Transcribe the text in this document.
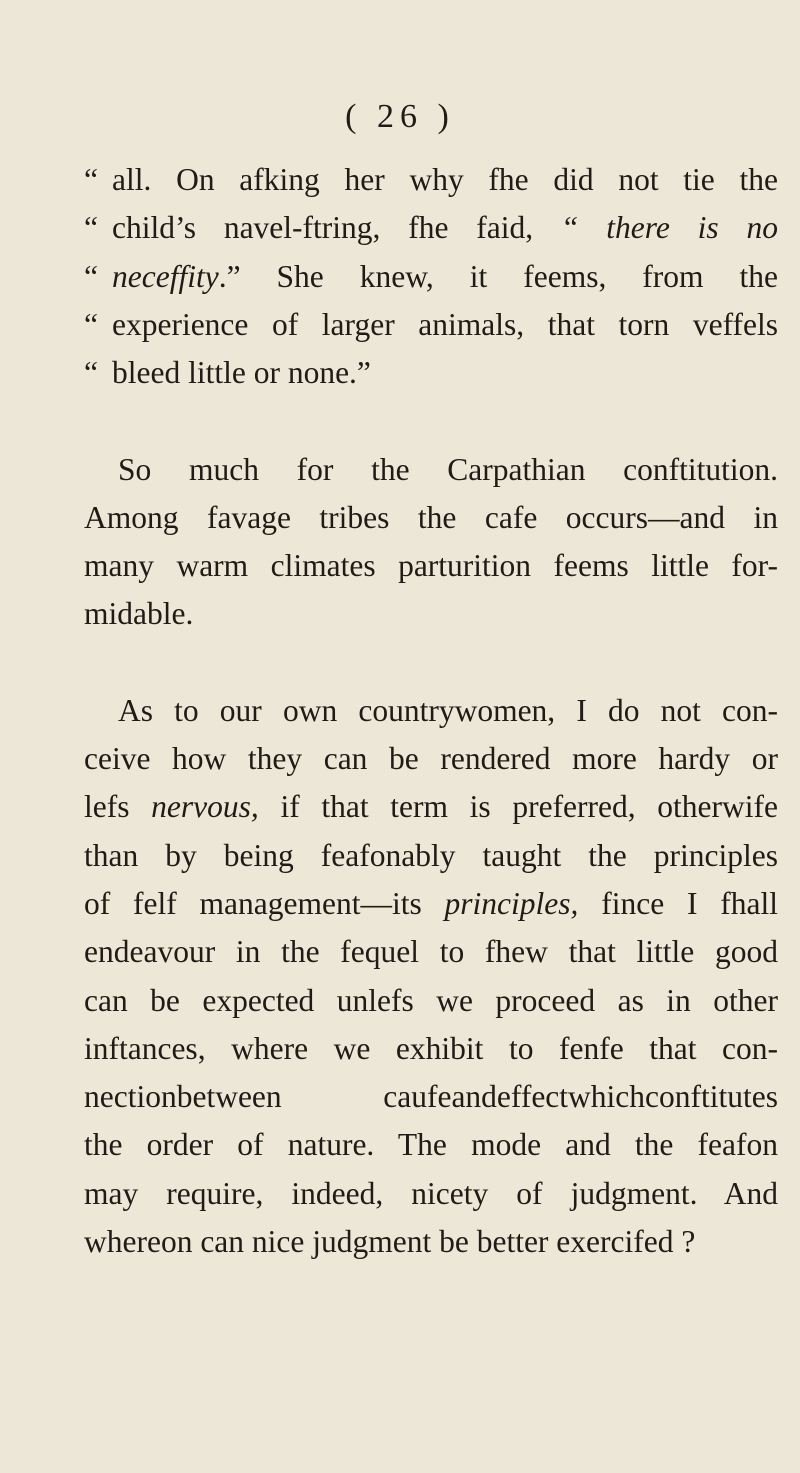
( 26 )
“ all. On afking her why fhe did not tie the
“ child’s navel-ftring, fhe faid, “ there is no
“ neceffity.” She knew, it feems, from the
“ experience of larger animals, that torn veffels
“ bleed little or none.”
So much for the Carpathian conftitution.
Among favage tribes the cafe occurs—and in
many warm climates parturition feems little for-
midable.
As to our own countrywomen, I do not con-
ceive how they can be rendered more hardy or
lefs nervous, if that term is preferred, otherwife
than by being feafonably taught the principles
of felf management—its principles, fince I fhall
endeavour in the fequel to fhew that little good
can be expected unlefs we proceed as in other
inftances, where we exhibit to fenfe that con-
nectionbetween caufeandeffectwhichconftitutes
the order of nature. The mode and the feafon
may require, indeed, nicety of judgment. And
whereon can nice judgment be better exercifed ?
